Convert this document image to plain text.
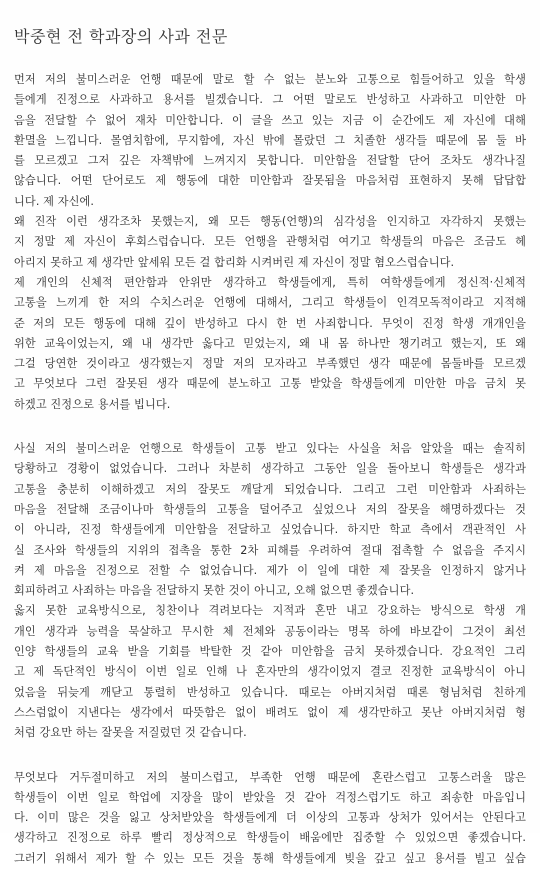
박중현 전 학과장의 사과 전문
먼저 저의 불미스러운 언행 때문에 말로 할 수 없는 분노와 고통으로 힘들어하고 있을 학생
들에게 진정으로 사과하고 용서를 빌겠습니다. 그 어떤 말로도 반성하고 사과하고 미안한 마
음을 전달할 수 없어 재차 미안합니다. 이 글을 쓰고 있는 지금 이 순간에도 제 자신에 대해
환멸을 느낍니다. 몰염치함에, 무지함에, 자신 밖에 몰랐던 그 치졸한 생각들 때문에 몸 둘 바
를 모르겠고 그저 깊은 자책밖에 느껴지지 못합니다. 미안함을 전달할 단어 조차도 생각나질
않습니다. 어떤 단어로도 제 행동에 대한 미안함과 잘못됨을 마음처럼 표현하지 못해 답답합
니다. 제 자신에.
왜 진작 이런 생각조차 못했는지, 왜 모든 행동(언행)의 심각성을 인지하고 자각하지 못했는
지 정말 제 자신이 후회스럽습니다. 모든 언행을 관행처럼 여기고 학생들의 마음은 조금도 헤
아리지 못하고 제 생각만 앞세워 모든 걸 합리화 시켜버린 제 자신이 정말 혐오스럽습니다.
제 개인의 신체적 편안함과 안위만 생각하고 학생들에게, 특히 여학생들에게 정신적·신체적
고통을 느끼게 한 저의 수치스러운 언행에 대해서, 그리고 학생들이 인격모독적이라고 지적해
준 저의 모든 행동에 대해 깊이 반성하고 다시 한 번 사죄합니다. 무엇이 진정 학생 개개인을
위한 교육이었는지, 왜 내 생각만 옳다고 믿었는지, 왜 내 몸 하나만 챙기려고 했는지, 또 왜
그걸 당연한 것이라고 생각했는지 정말 저의 모자라고 부족했던 생각 때문에 몸둘바를 모르겠
고 무엇보다 그런 잘못된 생각 때문에 분노하고 고통 받았을 학생들에게 미안한 마음 금치 못
하겠고 진정으로 용서를 빕니다.
사실 저의 불미스러운 언행으로 학생들이 고통 받고 있다는 사실을 처음 알았을 때는 솔직히
당황하고 경황이 없었습니다. 그러나 차분히 생각하고 그동안 일을 돌아보니 학생들은 생각과
고통을 충분히 이해하겠고 저의 잘못도 깨달게 되었습니다. 그리고 그런 미안함과 사죄하는
마음을 전달해 조금이나마 학생들의 고통을 덜어주고 싶었으나 저의 잘못을 해명하겠다는 것
이 아니라, 진정 학생들에게 미안함을 전달하고 싶었습니다. 하지만 학교 측에서 객관적인 사
실 조사와 학생들의 지위의 접촉을 통한 2차 피해를 우려하여 절대 접촉할 수 없음을 주지시
켜 제 마음을 진정으로 전할 수 없었습니다. 제가 이 일에 대한 제 잘못을 인정하지 않거나
회피하려고 사죄하는 마음을 전달하지 못한 것이 아니고, 오해 없으면 좋겠습니다.
옳지 못한 교육방식으로, 칭찬이나 격려보다는 지적과 혼만 내고 강요하는 방식으로 학생 개
개인 생각과 능력을 묵살하고 무시한 체 전체와 공동이라는 명목 하에 바보같이 그것이 최선
인양 학생들의 교육 받을 기회를 박탈한 것 같아 미안함을 금치 못하겠습니다. 강요적인 그리
고 제 독단적인 방식이 이번 일로 인해 나 혼자만의 생각이었지 결코 진정한 교육방식이 아니
었음을 뒤늦게 깨닫고 통렬히 반성하고 있습니다. 때로는 아버지처럼 때론 형님처럼 친하게
스스럼없이 지낸다는 생각에서 따뜻함은 없이 배려도 없이 제 생각만하고 못난 아버지처럼 형
처럼 강요만 하는 잘못을 저질렀던 것 같습니다.
무엇보다 거두절미하고 저의 불미스럽고, 부족한 언행 때문에 혼란스럽고 고통스러울 많은
학생들이 이번 일로 학업에 지장을 많이 받았을 것 같아 걱정스럽기도 하고 죄송한 마음입니
다. 이미 많은 것을 잃고 상처받았을 학생들에게 더 이상의 고통과 상처가 있어서는 안된다고
생각하고 진정으로 하루 빨리 정상적으로 학생들이 배움에만 집중할 수 있었으면 좋겠습니다.
그러기 위해서 제가 할 수 있는 모든 것을 통해 학생들에게 빚을 갚고 싶고 용서를 빌고 싶습
